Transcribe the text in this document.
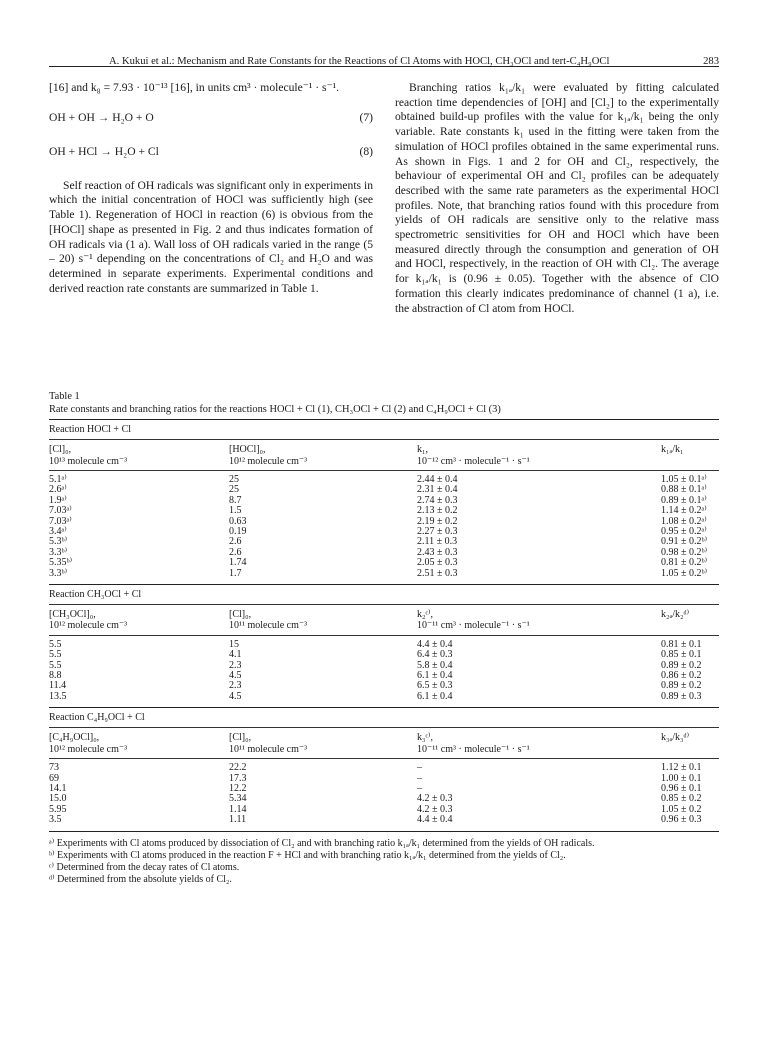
A. Kukui et al.: Mechanism and Rate Constants for the Reactions of Cl Atoms with HOCl, CH₃OCl and tert-C₄H₉OCl	283

[16] and k₈ = 7.93 · 10⁻¹³ [16], in units cm³ · molecule⁻¹ · s⁻¹.

OH + OH → H₂O + O	(7)
OH + HCl → H₂O + Cl	(8)

Self reaction of OH radicals was significant only in experiments in which the initial concentration of HOCl was sufficiently high (see Table 1). Regeneration of HOCl in reaction (6) is obvious from the [HOCl] shape as presented in Fig. 2 and thus indicates formation of OH radicals via (1 a). Wall loss of OH radicals varied in the range (5 – 20) s⁻¹ depending on the concentrations of Cl₂ and H₂O and was determined in separate experiments. Experimental conditions and derived reaction rate constants are summarized in Table 1.

Branching ratios k₁ₐ/k₁ were evaluated by fitting calculated reaction time dependencies of [OH] and [Cl₂] to the experimentally obtained build-up profiles with the value for k₁ₐ/k₁ being the only variable. Rate constants k₁ used in the fitting were taken from the simulation of HOCl profiles obtained in the same experimental runs. As shown in Figs. 1 and 2 for OH and Cl₂, respectively, the behaviour of experimental OH and Cl₂ profiles can be adequately described with the same rate parameters as the experimental HOCl profiles. Note, that branching ratios found with this procedure from yields of OH radicals are sensitive only to the relative mass spectrometric sensitivities for OH and HOCl which have been measured directly through the consumption and generation of OH and HOCl, respectively, in the reaction of OH with Cl₂. The average for k₁ₐ/k₁ is (0.96 ± 0.05). Together with the absence of ClO formation this clearly indicates predominance of channel (1 a), i.e. the abstraction of Cl atom from HOCl.

Table 1
Rate constants and branching ratios for the reactions HOCl + Cl (1), CH₃OCl + Cl (2) and C₄H₉OCl + Cl (3)
Reaction HOCl + Cl
[Cl]₀,
10¹³ molecule cm⁻³
[HOCl]₀,
10¹² molecule cm⁻³
k₁,
10⁻¹² cm³ · molecule⁻¹ · s⁻¹
k₁ₐ/k₁
5.1ᵃ⁾	25	2.44 ± 0.4	1.05 ± 0.1ᵃ⁾
2.6ᵃ⁾	25	2.31 ± 0.4	0.88 ± 0.1ᵃ⁾
1.9ᵃ⁾	8.7	2.74 ± 0.3	0.89 ± 0.1ᵃ⁾
7.03ᵃ⁾	1.5	2.13 ± 0.2	1.14 ± 0.2ᵃ⁾
7.03ᵃ⁾	0.63	2.19 ± 0.2	1.08 ± 0.2ᵃ⁾
3.4ᵃ⁾	0.19	2.27 ± 0.3	0.95 ± 0.2ᵃ⁾
5.3ᵇ⁾	2.6	2.11 ± 0.3	0.91 ± 0.2ᵇ⁾
3.3ᵇ⁾	2.6	2.43 ± 0.3	0.98 ± 0.2ᵇ⁾
5.35ᵇ⁾	1.74	2.05 ± 0.3	0.81 ± 0.2ᵇ⁾
3.3ᵇ⁾	1.7	2.51 ± 0.3	1.05 ± 0.2ᵇ⁾
Reaction CH₃OCl + Cl
[CH₃OCl]₀,
10¹² molecule cm⁻³
[Cl]₀,
10¹¹ molecule cm⁻³
k₂ᶜ⁾,
10⁻¹¹ cm³ · molecule⁻¹ · s⁻¹
k₂ₐ/k₂ᵈ⁾
5.5	15	4.4 ± 0.4	0.81 ± 0.1
5.5	4.1	6.4 ± 0.3	0.85 ± 0.1
5.5	2.3	5.8 ± 0.4	0.89 ± 0.2
8.8	4.5	6.1 ± 0.4	0.86 ± 0.2
11.4	2.3	6.5 ± 0.3	0.89 ± 0.2
13.5	4.5	6.1 ± 0.4	0.89 ± 0.3
Reaction C₄H₉OCl + Cl
[C₄H₉OCl]₀,
10¹² molecule cm⁻³
[Cl]₀,
10¹¹ molecule cm⁻³
k₃ᶜ⁾,
10⁻¹¹ cm³ · molecule⁻¹ · s⁻¹
k₃ₐ/k₃ᵈ⁾
73	22.2	–	1.12 ± 0.1
69	17.3	–	1.00 ± 0.1
14.1	12.2	–	0.96 ± 0.1
15.0	5.34	4.2 ± 0.3	0.85 ± 0.2
5.95	1.14	4.2 ± 0.3	1.05 ± 0.2
3.5	1.11	4.4 ± 0.4	0.96 ± 0.3
ᵃ⁾ Experiments with Cl atoms produced by dissociation of Cl₂ and with branching ratio k₁ₐ/k₁ determined from the yields of OH radicals.
ᵇ⁾ Experiments with Cl atoms produced in the reaction F + HCl and with branching ratio k₁ₐ/k₁ determined from the yields of Cl₂.
ᶜ⁾ Determined from the decay rates of Cl atoms.
ᵈ⁾ Determined from the absolute yields of Cl₂.
